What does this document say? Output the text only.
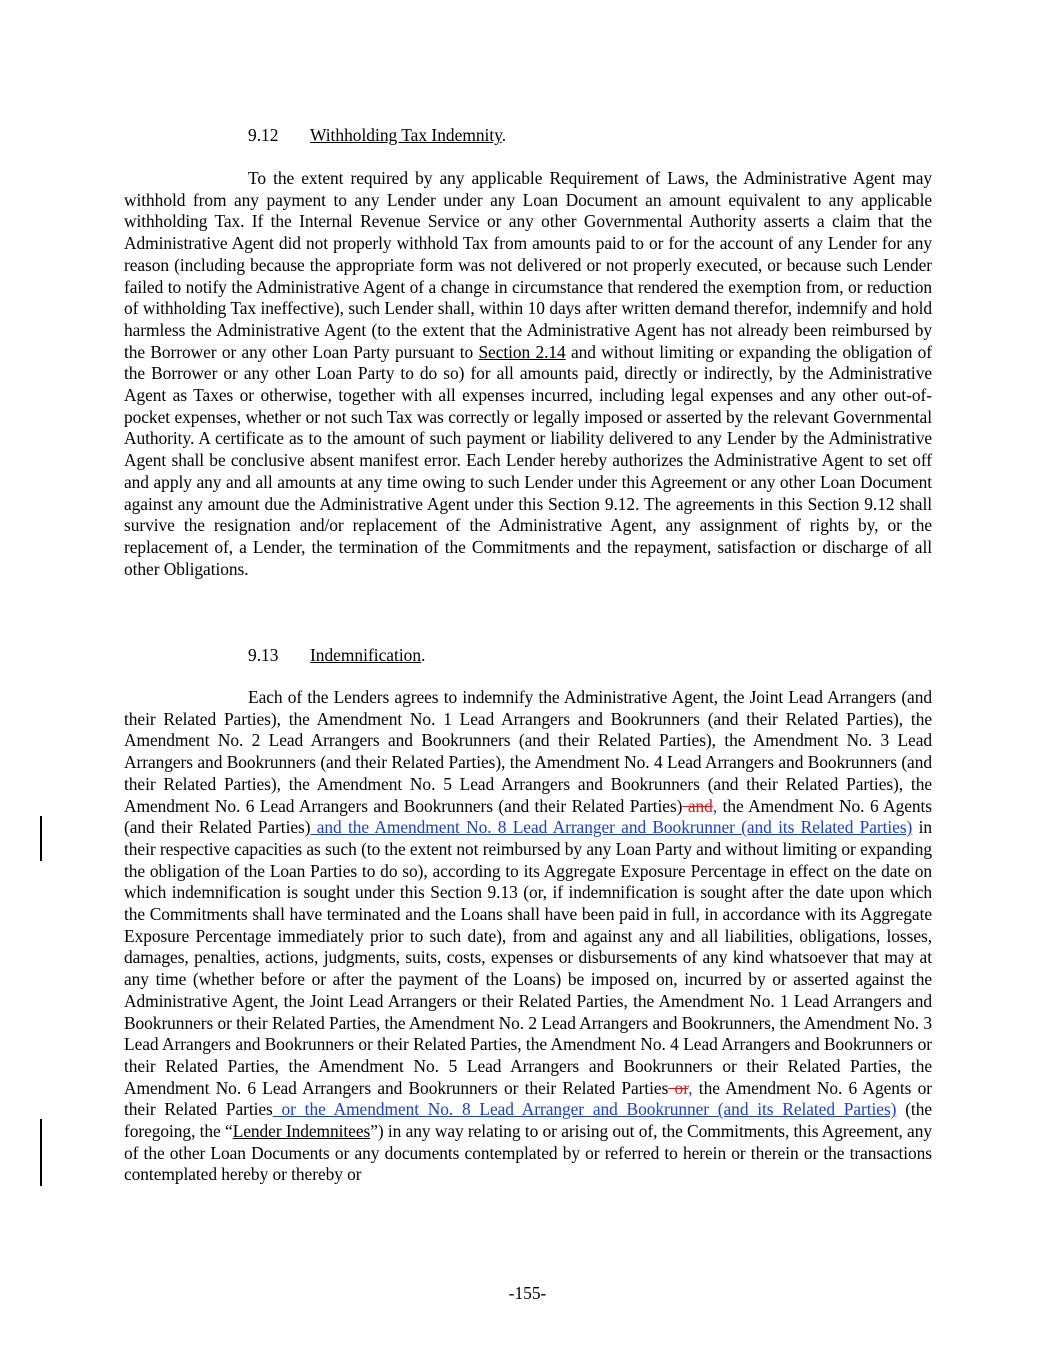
9.12 Withholding Tax Indemnity.

To the extent required by any applicable Requirement of Laws, the Administrative Agent may withhold from any payment to any Lender under any Loan Document an amount equivalent to any applicable withholding Tax. If the Internal Revenue Service or any other Governmental Authority asserts a claim that the Administrative Agent did not properly withhold Tax from amounts paid to or for the account of any Lender for any reason (including because the appropriate form was not delivered or not properly executed, or because such Lender failed to notify the Administrative Agent of a change in circumstance that rendered the exemption from, or reduction of withholding Tax ineffective), such Lender shall, within 10 days after written demand therefor, indemnify and hold harmless the Administrative Agent (to the extent that the Administrative Agent has not already been reimbursed by the Borrower or any other Loan Party pursuant to Section 2.14 and without limiting or expanding the obligation of the Borrower or any other Loan Party to do so) for all amounts paid, directly or indirectly, by the Administrative Agent as Taxes or otherwise, together with all expenses incurred, including legal expenses and any other out-of-pocket expenses, whether or not such Tax was correctly or legally imposed or asserted by the relevant Governmental Authority. A certificate as to the amount of such payment or liability delivered to any Lender by the Administrative Agent shall be conclusive absent manifest error. Each Lender hereby authorizes the Administrative Agent to set off and apply any and all amounts at any time owing to such Lender under this Agreement or any other Loan Document against any amount due the Administrative Agent under this Section 9.12. The agreements in this Section 9.12 shall survive the resignation and/or replacement of the Administrative Agent, any assignment of rights by, or the replacement of, a Lender, the termination of the Commitments and the repayment, satisfaction or discharge of all other Obligations.

9.13 Indemnification.

Each of the Lenders agrees to indemnify the Administrative Agent, the Joint Lead Arrangers (and their Related Parties), the Amendment No. 1 Lead Arrangers and Bookrunners (and their Related Parties), the Amendment No. 2 Lead Arrangers and Bookrunners (and their Related Parties), the Amendment No. 3 Lead Arrangers and Bookrunners (and their Related Parties), the Amendment No. 4 Lead Arrangers and Bookrunners (and their Related Parties), the Amendment No. 5 Lead Arrangers and Bookrunners (and their Related Parties), the Amendment No. 6 Lead Arrangers and Bookrunners (and their Related Parties) and, the Amendment No. 6 Agents (and their Related Parties) and the Amendment No. 8 Lead Arranger and Bookrunner (and its Related Parties) in their respective capacities as such (to the extent not reimbursed by any Loan Party and without limiting or expanding the obligation of the Loan Parties to do so), according to its Aggregate Exposure Percentage in effect on the date on which indemnification is sought under this Section 9.13 (or, if indemnification is sought after the date upon which the Commitments shall have terminated and the Loans shall have been paid in full, in accordance with its Aggregate Exposure Percentage immediately prior to such date), from and against any and all liabilities, obligations, losses, damages, penalties, actions, judgments, suits, costs, expenses or disbursements of any kind whatsoever that may at any time (whether before or after the payment of the Loans) be imposed on, incurred by or asserted against the Administrative Agent, the Joint Lead Arrangers or their Related Parties, the Amendment No. 1 Lead Arrangers and Bookrunners or their Related Parties, the Amendment No. 2 Lead Arrangers and Bookrunners, the Amendment No. 3 Lead Arrangers and Bookrunners or their Related Parties, the Amendment No. 4 Lead Arrangers and Bookrunners or their Related Parties, the Amendment No. 5 Lead Arrangers and Bookrunners or their Related Parties, the Amendment No. 6 Lead Arrangers and Bookrunners or their Related Parties or, the Amendment No. 6 Agents or their Related Parties or the Amendment No. 8 Lead Arranger and Bookrunner (and its Related Parties) (the foregoing, the “Lender Indemnitees”) in any way relating to or arising out of, the Commitments, this Agreement, any of the other Loan Documents or any documents contemplated by or referred to herein or therein or the transactions contemplated hereby or thereby or

-155-
